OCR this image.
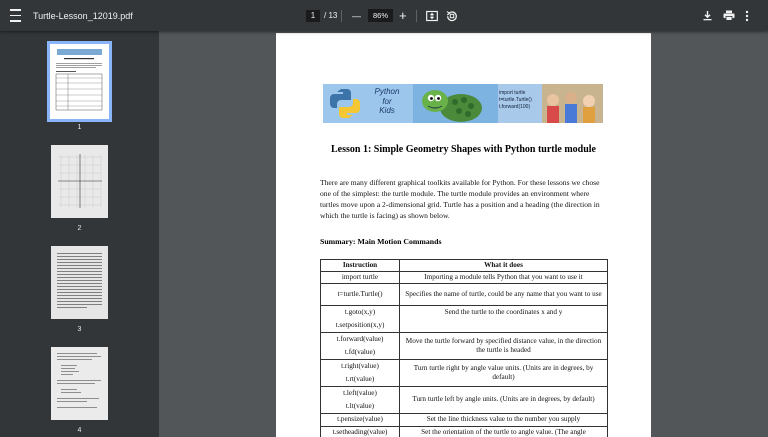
Turtle-Lesson_12019.pdf
1	/ 13 —
86%	+
1
2
3
4
Python
for
Kids
import turtle
t=turtle.Turtle()
t.forward(100)
Lesson 1: Simple Geometry Shapes with Python turtle module
There are many different graphical toolkits available for Python. For these lessons we chose one of the simplest: the turtle module. The turtle module provides an environment where turtles move upon a 2-dimensional grid. Turtle has a position and a heading (the direction in which the turtle is facing) as shown below.
Summary: Main Motion Commands
Instruction	What it does
import turtle	Importing a module tells Python that you want to use it
t=turtle.Turtle()	Specifies the name of turtle, could be any name that you want to use
t.goto(x,y)
t.setposition(x,y)	Send the turtle to the coordinates x and y
t.forward(value)
t.fd(value)	Move the turtle forward by specified distance value, in the direction the turtle is headed
t.right(value)
t.rt(value)	Turn turtle right by angle value units. (Units are in degrees, by default)
t.left(value)
t.lt(value)	Turn turtle left by angle units. (Units are in degrees, by default)
t.pensize(value)	Set the line thickness value to the number you supply
t.setheading(value)	Set the orientation of the turtle to angle value. (The angle
